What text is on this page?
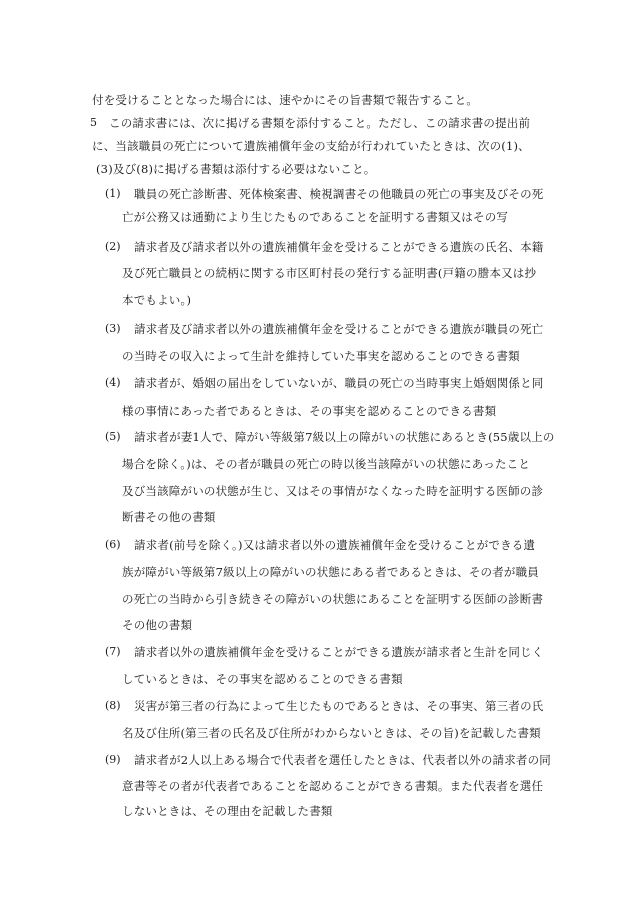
付を受けることとなった場合には、速やかにその旨書類で報告すること。
5 この請求書には、次に掲げる書類を添付すること。ただし、この請求書の提出前
に、当該職員の死亡について遺族補償年金の支給が行われていたときは、次の(1)、
(3)及び(8)に掲げる書類は添付する必要はないこと。
(1) 職員の死亡診断書、死体検案書、検視調書その他職員の死亡の事実及びその死
亡が公務又は通勤により生じたものであることを証明する書類又はその写
(2) 請求者及び請求者以外の遺族補償年金を受けることができる遺族の氏名、本籍
及び死亡職員との続柄に関する市区町村長の発行する証明書(戸籍の謄本又は抄
本でもよい。)
(3) 請求者及び請求者以外の遺族補償年金を受けることができる遺族が職員の死亡
の当時その収入によって生計を維持していた事実を認めることのできる書類
(4) 請求者が、婚姻の届出をしていないが、職員の死亡の当時事実上婚姻関係と同
様の事情にあった者であるときは、その事実を認めることのできる書類
(5) 請求者が妻1人で、障がい等級第7級以上の障がいの状態にあるとき(55歳以上の
場合を除く。)は、その者が職員の死亡の時以後当該障がいの状態にあったこと
及び当該障がいの状態が生じ、又はその事情がなくなった時を証明する医師の診
断書その他の書類
(6) 請求者(前号を除く。)又は請求者以外の遺族補償年金を受けることができる遺
族が障がい等級第7級以上の障がいの状態にある者であるときは、その者が職員
の死亡の当時から引き続きその障がいの状態にあることを証明する医師の診断書
その他の書類
(7) 請求者以外の遺族補償年金を受けることができる遺族が請求者と生計を同じく
しているときは、その事実を認めることのできる書類
(8) 災害が第三者の行為によって生じたものであるときは、その事実、第三者の氏
名及び住所(第三者の氏名及び住所がわからないときは、その旨)を記載した書類
(9) 請求者が2人以上ある場合で代表者を選任したときは、代表者以外の請求者の同
意書等その者が代表者であることを認めることができる書類。また代表者を選任
しないときは、その理由を記載した書類
